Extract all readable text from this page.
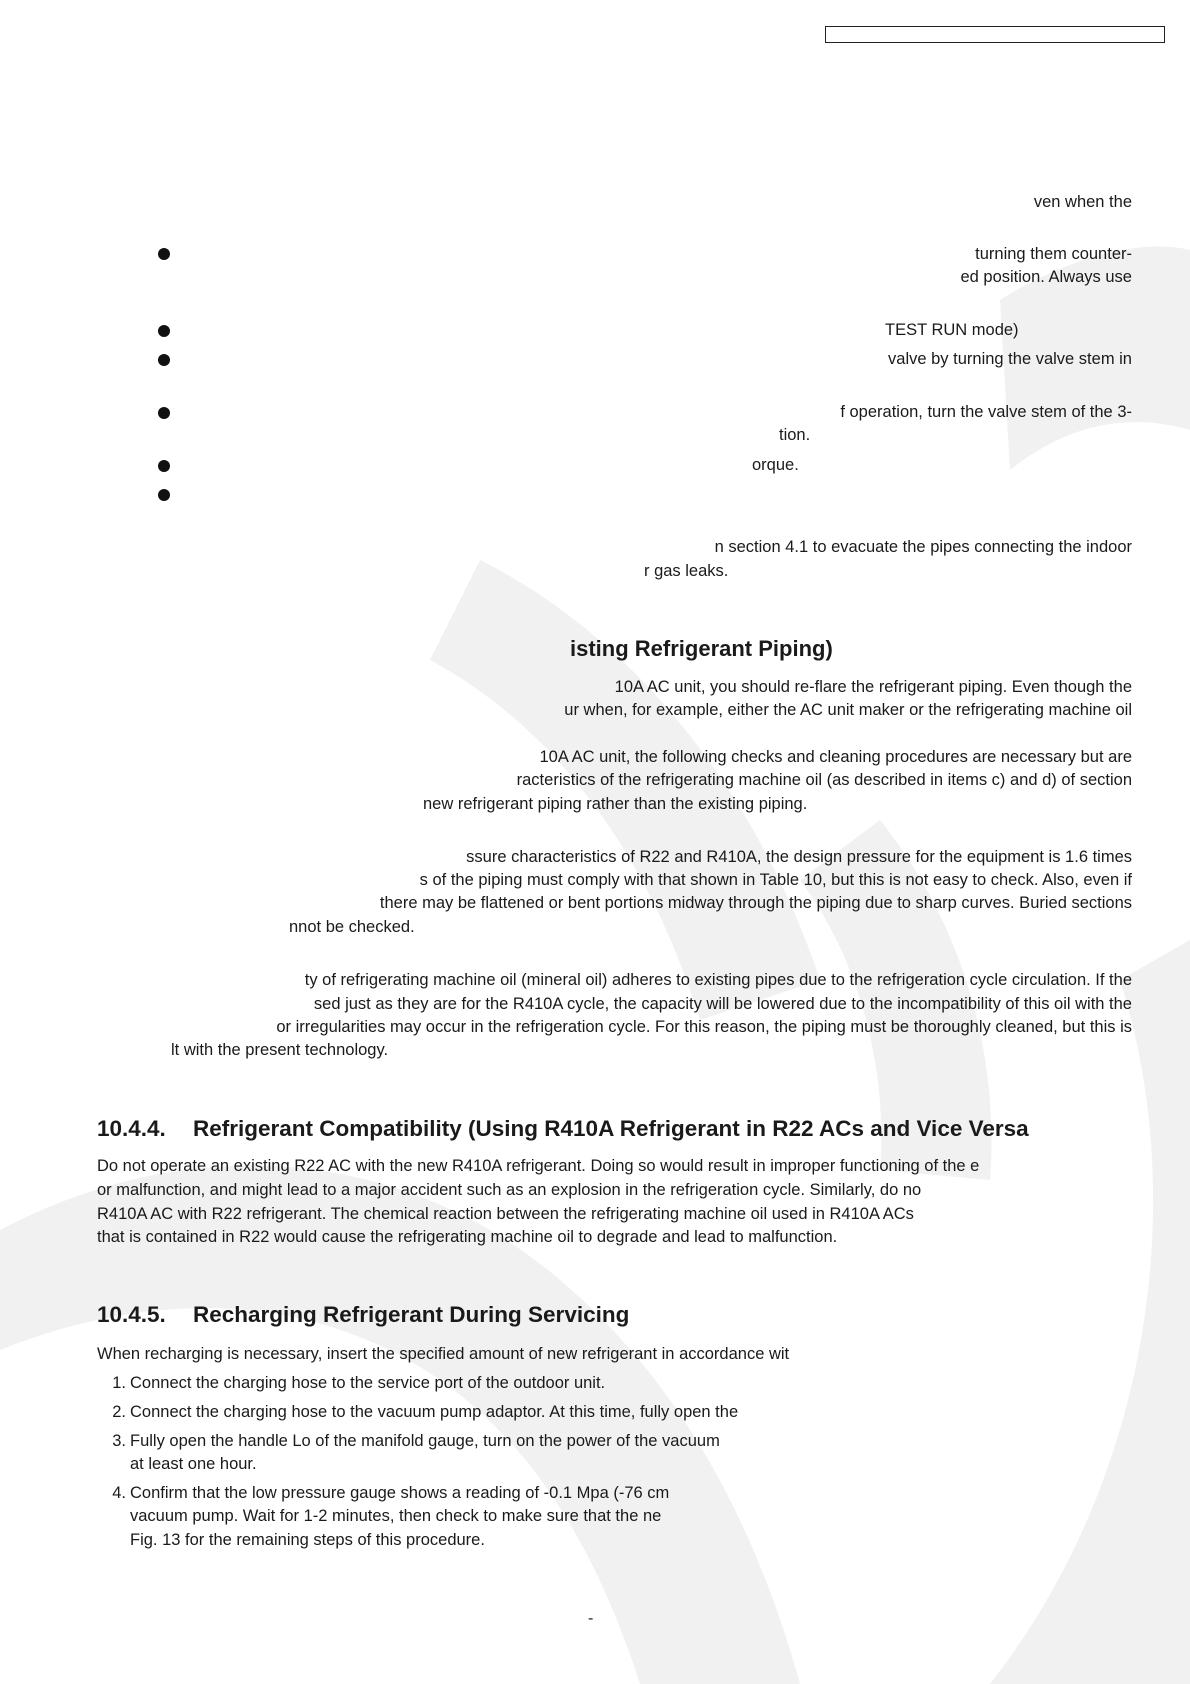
ven when the
turning them counter-
ed position. Always use
TEST RUN mode)
valve by turning the valve stem in
f operation, turn the valve stem of the 3-
tion.
orque.
n section 4.1 to evacuate the pipes connecting the indoor
r gas leaks.
isting Refrigerant Piping)
10A AC unit, you should re-flare the refrigerant piping. Even though the
ur when, for example, either the AC unit maker or the refrigerating machine oil
10A AC unit, the following checks and cleaning procedures are necessary but are
racteristics of the refrigerating machine oil (as described in items c) and d) of section
new refrigerant piping rather than the existing piping.
ssure characteristics of R22 and R410A, the design pressure for the equipment is 1.6 times
s of the piping must comply with that shown in Table 10, but this is not easy to check. Also, even if
there may be flattened or bent portions midway through the piping due to sharp curves. Buried sections
nnot be checked.
ty of refrigerating machine oil (mineral oil) adheres to existing pipes due to the refrigeration cycle circulation. If the
sed just as they are for the R410A cycle, the capacity will be lowered due to the incompatibility of this oil with the
or irregularities may occur in the refrigeration cycle. For this reason, the piping must be thoroughly cleaned, but this is
lt with the present technology.
10.4.4. Refrigerant Compatibility (Using R410A Refrigerant in R22 ACs and Vice Versa
Do not operate an existing R22 AC with the new R410A refrigerant. Doing so would result in improper functioning of the e
or malfunction, and might lead to a major accident such as an explosion in the refrigeration cycle. Similarly, do no
R410A AC with R22 refrigerant. The chemical reaction between the refrigerating machine oil used in R410A ACs
that is contained in R22 would cause the refrigerating machine oil to degrade and lead to malfunction.
10.4.5. Recharging Refrigerant During Servicing
When recharging is necessary, insert the specified amount of new refrigerant in accordance wit
1. Connect the charging hose to the service port of the outdoor unit.
2. Connect the charging hose to the vacuum pump adaptor. At this time, fully open the
3. Fully open the handle Lo of the manifold gauge, turn on the power of the vacuum
at least one hour.
4. Confirm that the low pressure gauge shows a reading of -0.1 Mpa (-76 cm
vacuum pump. Wait for 1-2 minutes, then check to make sure that the ne
Fig. 13 for the remaining steps of this procedure.
-
